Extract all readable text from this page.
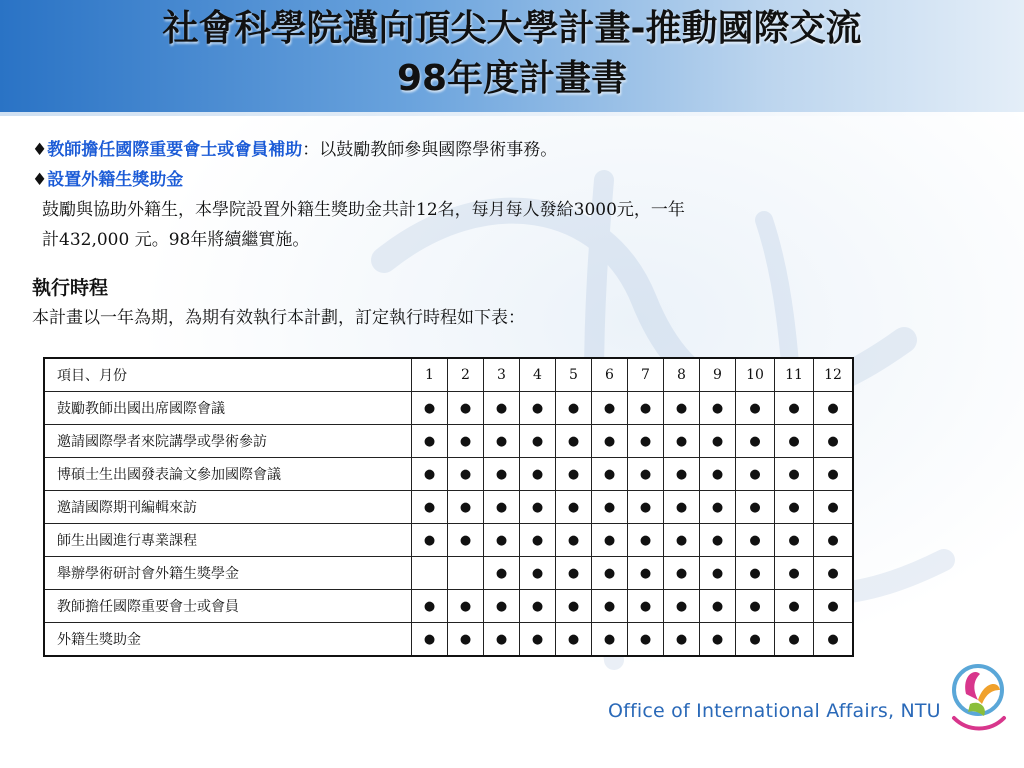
社會科學院邁向頂尖大學計畫-推動國際交流
98年度計畫書
♦教師擔任國際重要會士或會員補助：以鼓勵教師參與國際學術事務。
♦設置外籍生獎助金
鼓勵與協助外籍生，本學院設置外籍生獎助金共計12名，每月每人發給3000元，一年
計432,000 元。98年將續繼實施。
執行時程
本計畫以一年為期，為期有效執行本計劃，訂定執行時程如下表：
項目、月份	1	2	3	4	5	6	7	8	9	10	11	12
鼓勵教師出國出席國際會議	●	●	●	●	●	●	●	●	●	●	●	●
邀請國際學者來院講學或學術參訪	●	●	●	●	●	●	●	●	●	●	●	●
博碩士生出國發表論文參加國際會議	●	●	●	●	●	●	●	●	●	●	●	●
邀請國際期刊編輯來訪	●	●	●	●	●	●	●	●	●	●	●	●
師生出國進行專業課程	●	●	●	●	●	●	●	●	●	●	●	●
舉辦學術研討會外籍生獎學金			●	●	●	●	●	●	●	●	●	●
教師擔任國際重要會士或會員	●	●	●	●	●	●	●	●	●	●	●	●
外籍生獎助金	●	●	●	●	●	●	●	●	●	●	●	●
Office of International Affairs, NTU
